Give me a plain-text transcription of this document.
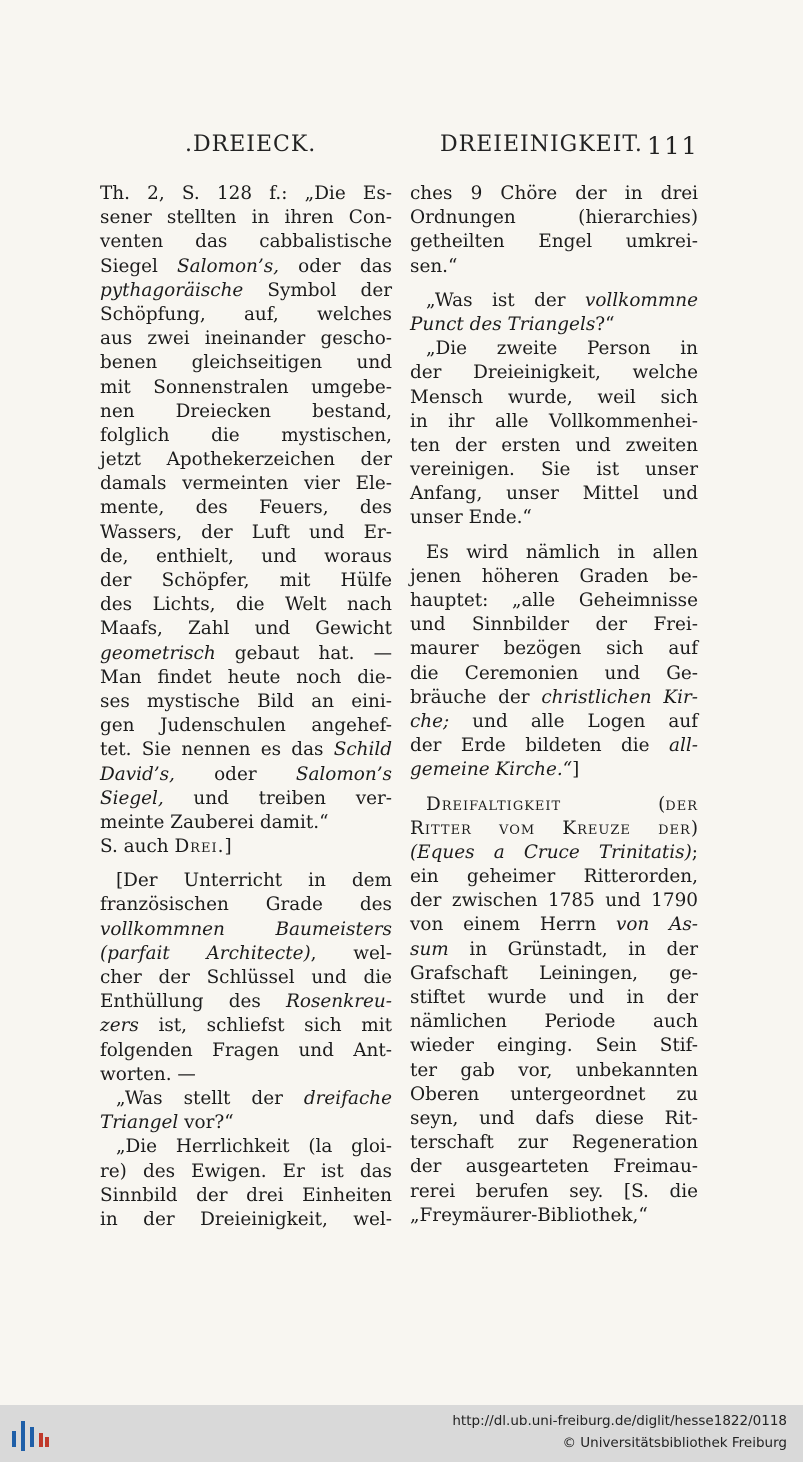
.DREIECK.	DREIEINIGKEIT. 111
Th. 2, S. 128 f.: „Die Es-
sener stellten in ihren Con-
venten das cabbalistische
Siegel Salomon’s, oder das
pythagoräische Symbol der
Schöpfung, auf, welches
aus zwei ineinander gescho-
benen gleichseitigen und
mit Sonnenstralen umgebe-
nen Dreiecken bestand,
folglich die mystischen,
jetzt Apothekerzeichen der
damals vermeinten vier Ele-
mente, des Feuers, des
Wassers, der Luft und Er-
de, enthielt, und woraus
der Schöpfer, mit Hülfe
des Lichts, die Welt nach
Maafs, Zahl und Gewicht
geometrisch gebaut hat. —
Man findet heute noch die-
ses mystische Bild an eini-
gen Judenschulen angehef-
tet. Sie nennen es das Schild
David’s, oder Salomon’s
Siegel, und treiben ver-
meinte Zauberei damit.“
S. auch Drei.]
[Der Unterricht in dem
französischen Grade des
vollkommnen Baumeisters
(parfait Architecte), wel-
cher der Schlüssel und die
Enthüllung des Rosenkreu-
zers ist, schliefst sich mit
folgenden Fragen und Ant-
worten. —
„Was stellt der dreifache
Triangel vor?“
„Die Herrlichkeit (la gloi-
re) des Ewigen. Er ist das
Sinnbild der drei Einheiten
in der Dreieinigkeit, wel-
ches 9 Chöre der in drei
Ordnungen (hierarchies)
getheilten Engel umkrei-
sen.“
„Was ist der vollkommne
Punct des Triangels?“
„Die zweite Person in
der Dreieinigkeit, welche
Mensch wurde, weil sich
in ihr alle Vollkommenhei-
ten der ersten und zweiten
vereinigen. Sie ist unser
Anfang, unser Mittel und
unser Ende.“
Es wird nämlich in allen
jenen höheren Graden be-
hauptet: „alle Geheimnisse
und Sinnbilder der Frei-
maurer bezögen sich auf
die Ceremonien und Ge-
bräuche der christlichen Kir-
che; und alle Logen auf
der Erde bildeten die all-
gemeine Kirche.“]
Dreifaltigkeit (der
Ritter vom Kreuze der)
(Eques a Cruce Trinitatis);
ein geheimer Ritterorden,
der zwischen 1785 und 1790
von einem Herrn von As-
sum in Grünstadt, in der
Grafschaft Leiningen, ge-
stiftet wurde und in der
nämlichen Periode auch
wieder einging. Sein Stif-
ter gab vor, unbekannten
Oberen untergeordnet zu
seyn, und dafs diese Rit-
terschaft zur Regeneration
der ausgearteten Freimau-
rerei berufen sey. [S. die
„Freymäurer-Bibliothek,“
http://dl.ub.uni-freiburg.de/diglit/hesse1822/0118
© Universitätsbibliothek Freiburg
